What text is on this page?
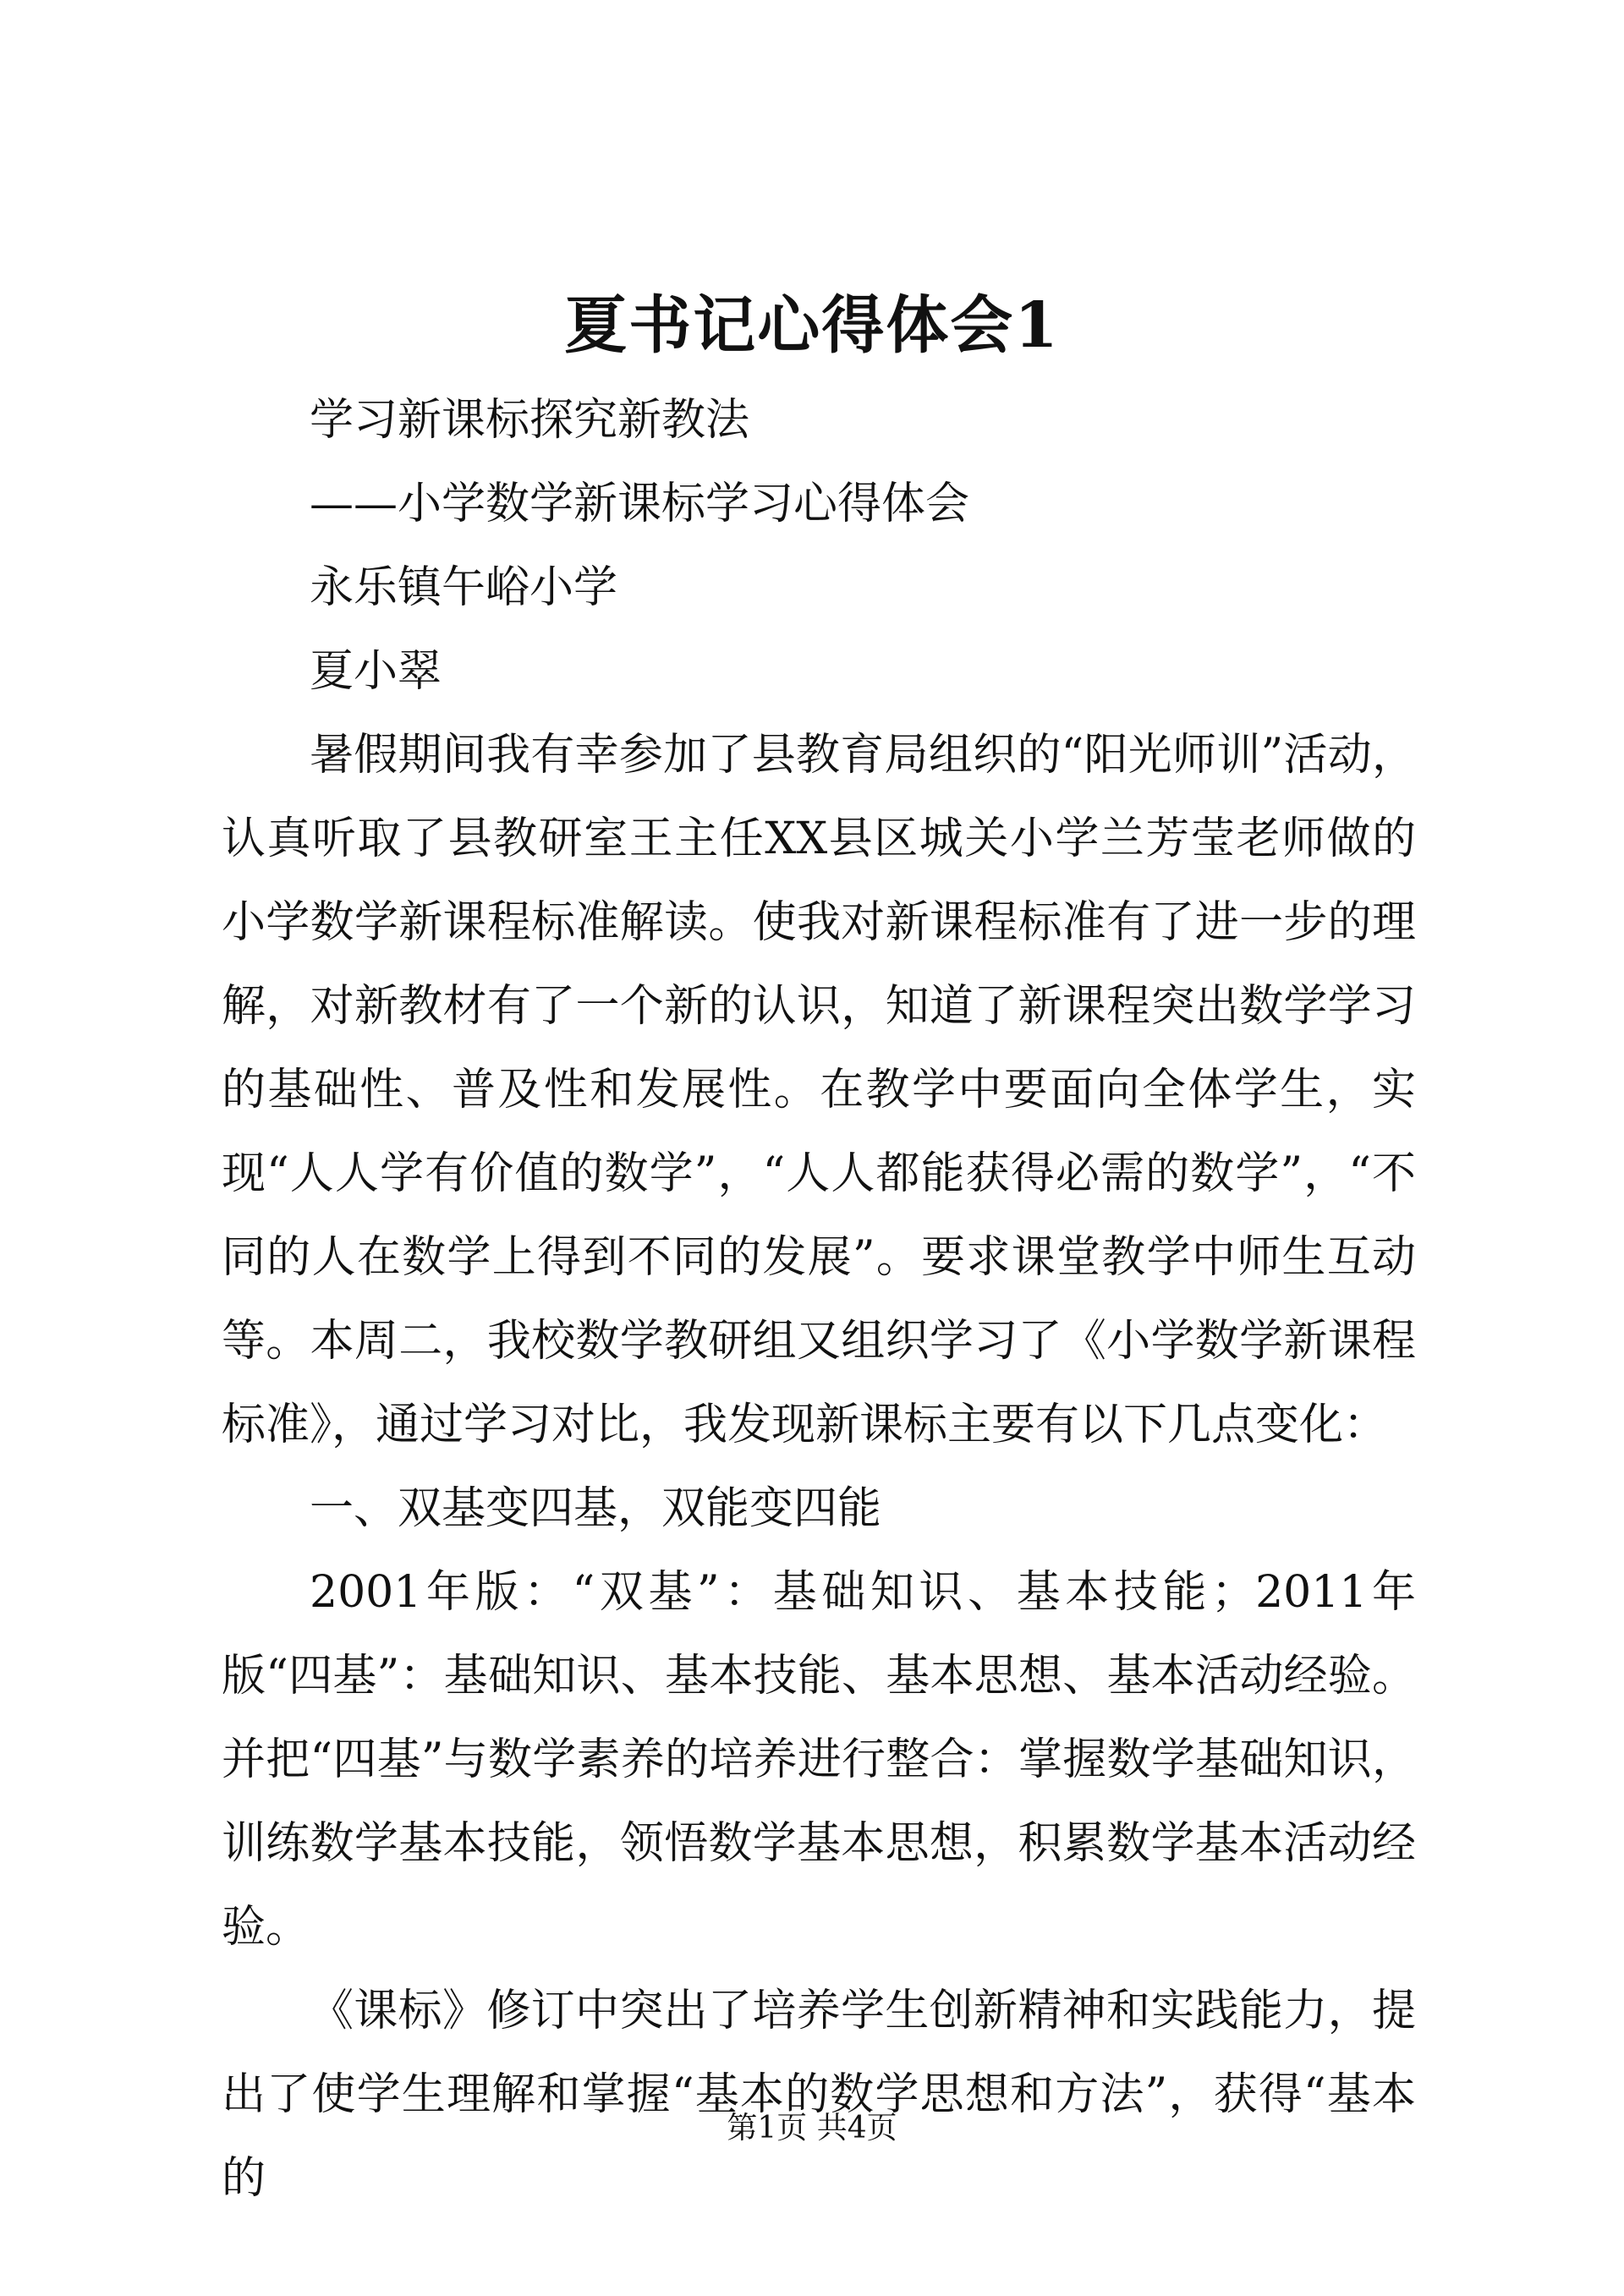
夏书记心得体会1

学习新课标探究新教法

——小学数学新课标学习心得体会

永乐镇午峪小学

夏小翠

暑假期间我有幸参加了县教育局组织的“阳光师训”活动，认真听取了县教研室王主任XX县区城关小学兰芳莹老师做的小学数学新课程标准解读。使我对新课程标准有了进一步的理解，对新教材有了一个新的认识，知道了新课程突出数学学习的基础性、普及性和发展性。在教学中要面向全体学生，实现“人人学有价值的数学”，“人人都能获得必需的数学”，“不同的人在数学上得到不同的发展”。要求课堂教学中师生互动等。本周二，我校数学教研组又组织学习了《小学数学新课程标准》，通过学习对比，我发现新课标主要有以下几点变化：

一、双基变四基，双能变四能

2001年版：“双基”：基础知识、基本技能；2011年版“四基”：基础知识、基本技能、基本思想、基本活动经验。并把“四基”与数学素养的培养进行整合：掌握数学基础知识，训练数学基本技能，领悟数学基本思想，积累数学基本活动经验。

《课标》修订中突出了培养学生创新精神和实践能力，提出了使学生理解和掌握“基本的数学思想和方法”，获得“基本的

第1页 共4页
